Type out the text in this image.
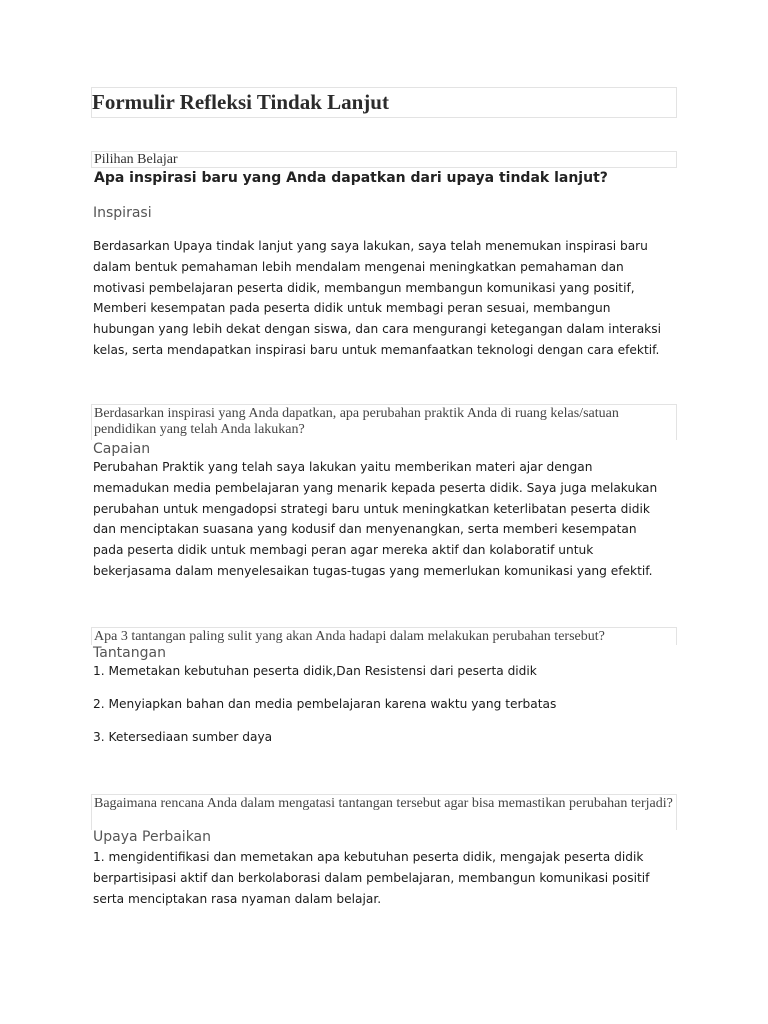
Formulir Refleksi Tindak Lanjut

Pilihan Belajar

Apa inspirasi baru yang Anda dapatkan dari upaya tindak lanjut?

Inspirasi

Berdasarkan Upaya tindak lanjut yang saya lakukan, saya telah menemukan inspirasi baru
dalam bentuk pemahaman lebih mendalam mengenai meningkatkan pemahaman dan
motivasi pembelajaran peserta didik, membangun membangun komunikasi yang positif,
Memberi kesempatan pada peserta didik untuk membagi peran sesuai, membangun
hubungan yang lebih dekat dengan siswa, dan cara mengurangi ketegangan dalam interaksi
kelas, serta mendapatkan inspirasi baru untuk memanfaatkan teknologi dengan cara efektif.

Berdasarkan inspirasi yang Anda dapatkan, apa perubahan praktik Anda di ruang kelas/satuan pendidikan yang telah Anda lakukan?

Capaian

Perubahan Praktik yang telah saya lakukan yaitu memberikan materi ajar dengan
memadukan media pembelajaran yang menarik kepada peserta didik. Saya juga melakukan
perubahan untuk mengadopsi strategi baru untuk meningkatkan keterlibatan peserta didik
dan menciptakan suasana yang kodusif dan menyenangkan, serta memberi kesempatan
pada peserta didik untuk membagi peran agar mereka aktif dan kolaboratif untuk
bekerjasama dalam menyelesaikan tugas-tugas yang memerlukan komunikasi yang efektif.

Apa 3 tantangan paling sulit yang akan Anda hadapi dalam melakukan perubahan tersebut?

Tantangan

1. Memetakan kebutuhan peserta didik,Dan Resistensi dari peserta didik

2. Menyiapkan bahan dan media pembelajaran karena waktu yang terbatas

3. Ketersediaan sumber daya

Bagaimana rencana Anda dalam mengatasi tantangan tersebut agar bisa memastikan perubahan terjadi?

Upaya Perbaikan

1. mengidentifikasi dan memetakan apa kebutuhan peserta didik, mengajak peserta didik
berpartisipasi aktif dan berkolaborasi dalam pembelajaran, membangun komunikasi positif
serta menciptakan rasa nyaman dalam belajar.
